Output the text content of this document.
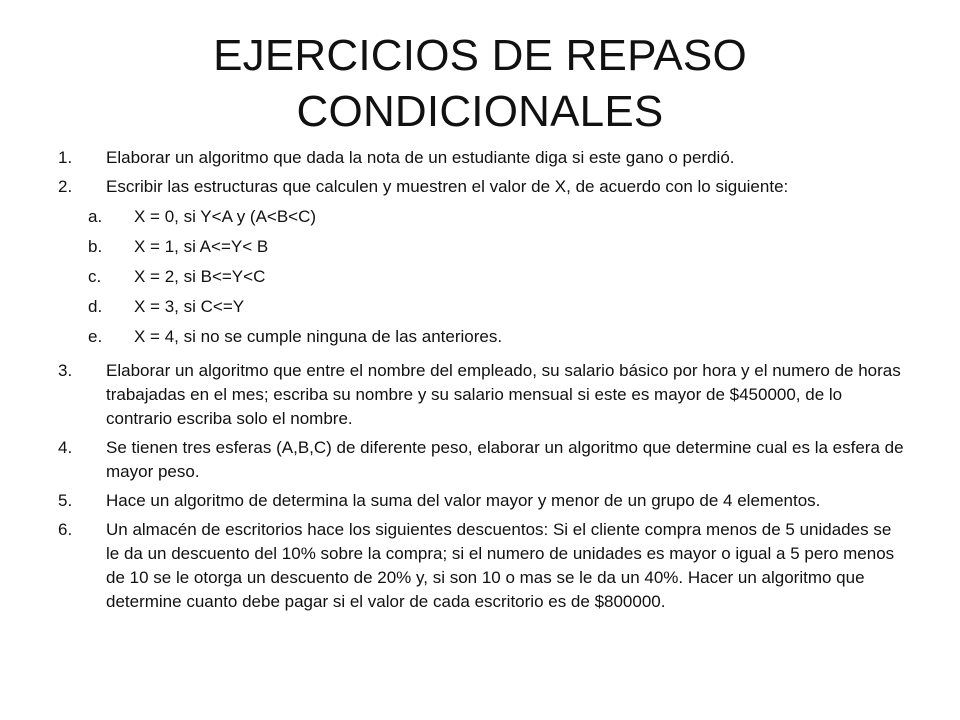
EJERCICIOS DE REPASO
CONDICIONALES
1.	Elaborar un algoritmo que dada la nota de un estudiante diga si este gano o perdió.
2.	Escribir las estructuras que calculen y muestren el valor de X, de acuerdo con lo siguiente:
a.	X = 0, si Y<A y (A<B<C)
b.	X = 1, si A<=Y< B
c.	X = 2, si B<=Y<C
d.	X = 3, si C<=Y
e.	X = 4, si no se cumple ninguna de las anteriores.
3.	Elaborar un algoritmo que entre el nombre del empleado, su salario básico por hora y el numero de horas trabajadas en el mes; escriba su nombre y su salario mensual si este es mayor de $450000, de lo contrario escriba solo el nombre.
4.	Se tienen tres esferas (A,B,C) de diferente peso, elaborar un algoritmo que determine cual es la esfera de mayor peso.
5.	Hace un algoritmo de determina la suma del valor mayor y menor de un grupo de 4 elementos.
6.	Un almacén de escritorios hace los siguientes descuentos: Si el cliente compra menos de 5 unidades se le da un descuento del 10% sobre la compra; si el numero de unidades es mayor o igual a 5 pero menos de 10 se le otorga un descuento de 20% y, si son 10 o mas se le da un 40%. Hacer un algoritmo que determine cuanto debe pagar si el valor de cada escritorio es de $800000.
